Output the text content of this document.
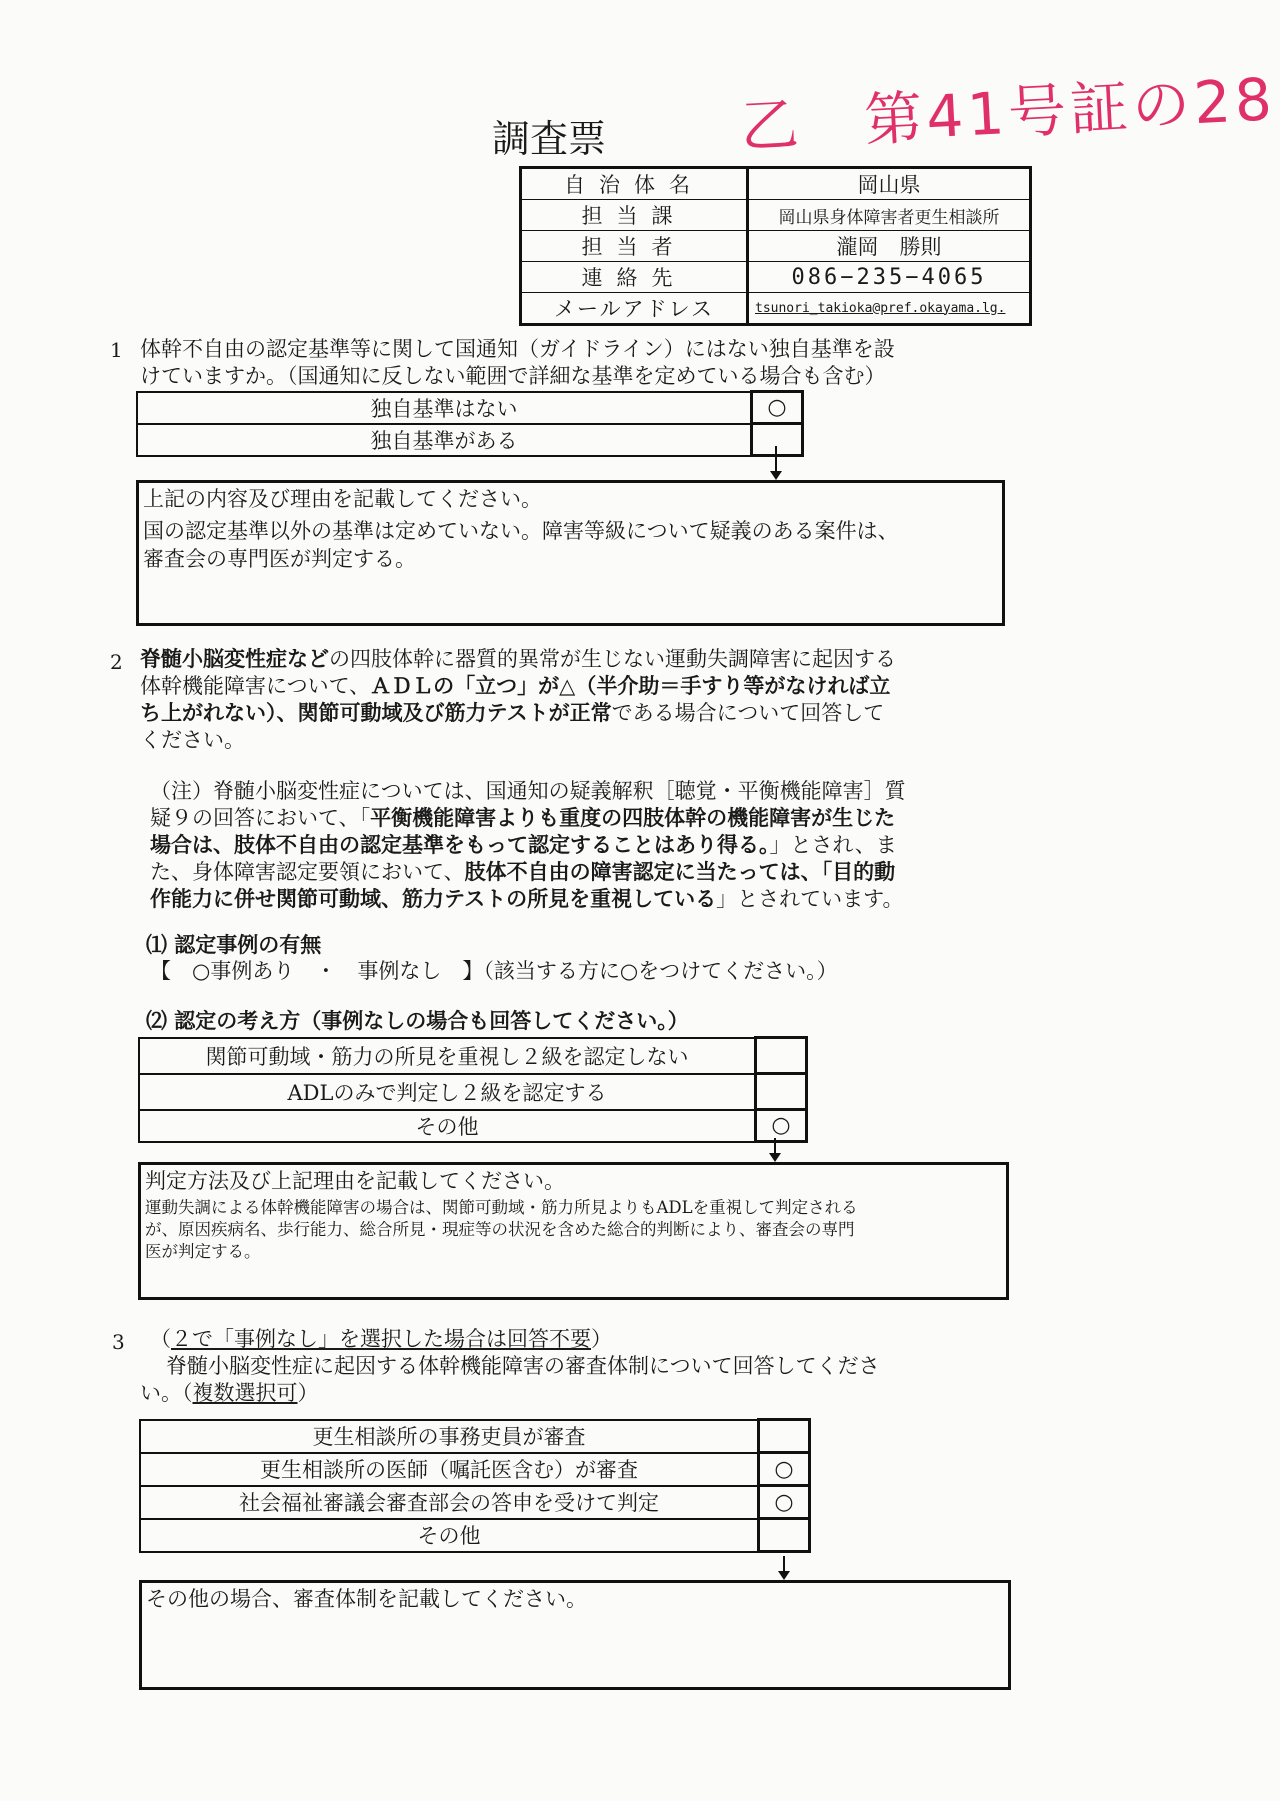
乙　第41号証の28
調査票
自治体名	岡山県
担当課	岡山県身体障害者更生相談所
担当者	瀧岡　勝則
連絡先	086−235−4065
メールアドレス	tsunori_takioka@pref.okayama.lg.
1 体幹不自由の認定基準等に関して国通知（ガイドライン）にはない独自基準を設
けていますか。（国通知に反しない範囲で詳細な基準を定めている場合も含む）
独自基準はない	○
独自基準がある	
上記の内容及び理由を記載してください。
国の認定基準以外の基準は定めていない。障害等級について疑義のある案件は、
審査会の専門医が判定する。
2 脊髄小脳変性症などの四肢体幹に器質的異常が生じない運動失調障害に起因する
体幹機能障害について、ＡＤＬの「立つ」が△（半介助＝手すり等がなければ立
ち上がれない）、関節可動域及び筋力テストが正常である場合について回答して
ください。
（注）脊髄小脳変性症については、国通知の疑義解釈［聴覚・平衡機能障害］質
疑９の回答において、「平衡機能障害よりも重度の四肢体幹の機能障害が生じた
場合は、肢体不自由の認定基準をもって認定することはあり得る。」とされ、ま
た、身体障害認定要領において、肢体不自由の障害認定に当たっては、「目的動
作能力に併せ関節可動域、筋力テストの所見を重視している」とされています。
⑴ 認定事例の有無
【　○事例あり　・　事例なし　】（該当する方に○をつけてください。）
⑵ 認定の考え方（事例なしの場合も回答してください。）
関節可動域・筋力の所見を重視し２級を認定しない	
ADLのみで判定し２級を認定する	
その他	○
判定方法及び上記理由を記載してください。
運動失調による体幹機能障害の場合は、関節可動域・筋力所見よりもADLを重視して判定される
が、原因疾病名、歩行能力、総合所見・現症等の状況を含めた総合的判断により、審査会の専門
医が判定する。
3 （２で「事例なし」を選択した場合は回答不要）
脊髄小脳変性症に起因する体幹機能障害の審査体制について回答してくださ
い。（複数選択可）
更生相談所の事務吏員が審査	
更生相談所の医師（嘱託医含む）が審査	○
社会福祉審議会審査部会の答申を受けて判定	○
その他	
その他の場合、審査体制を記載してください。
